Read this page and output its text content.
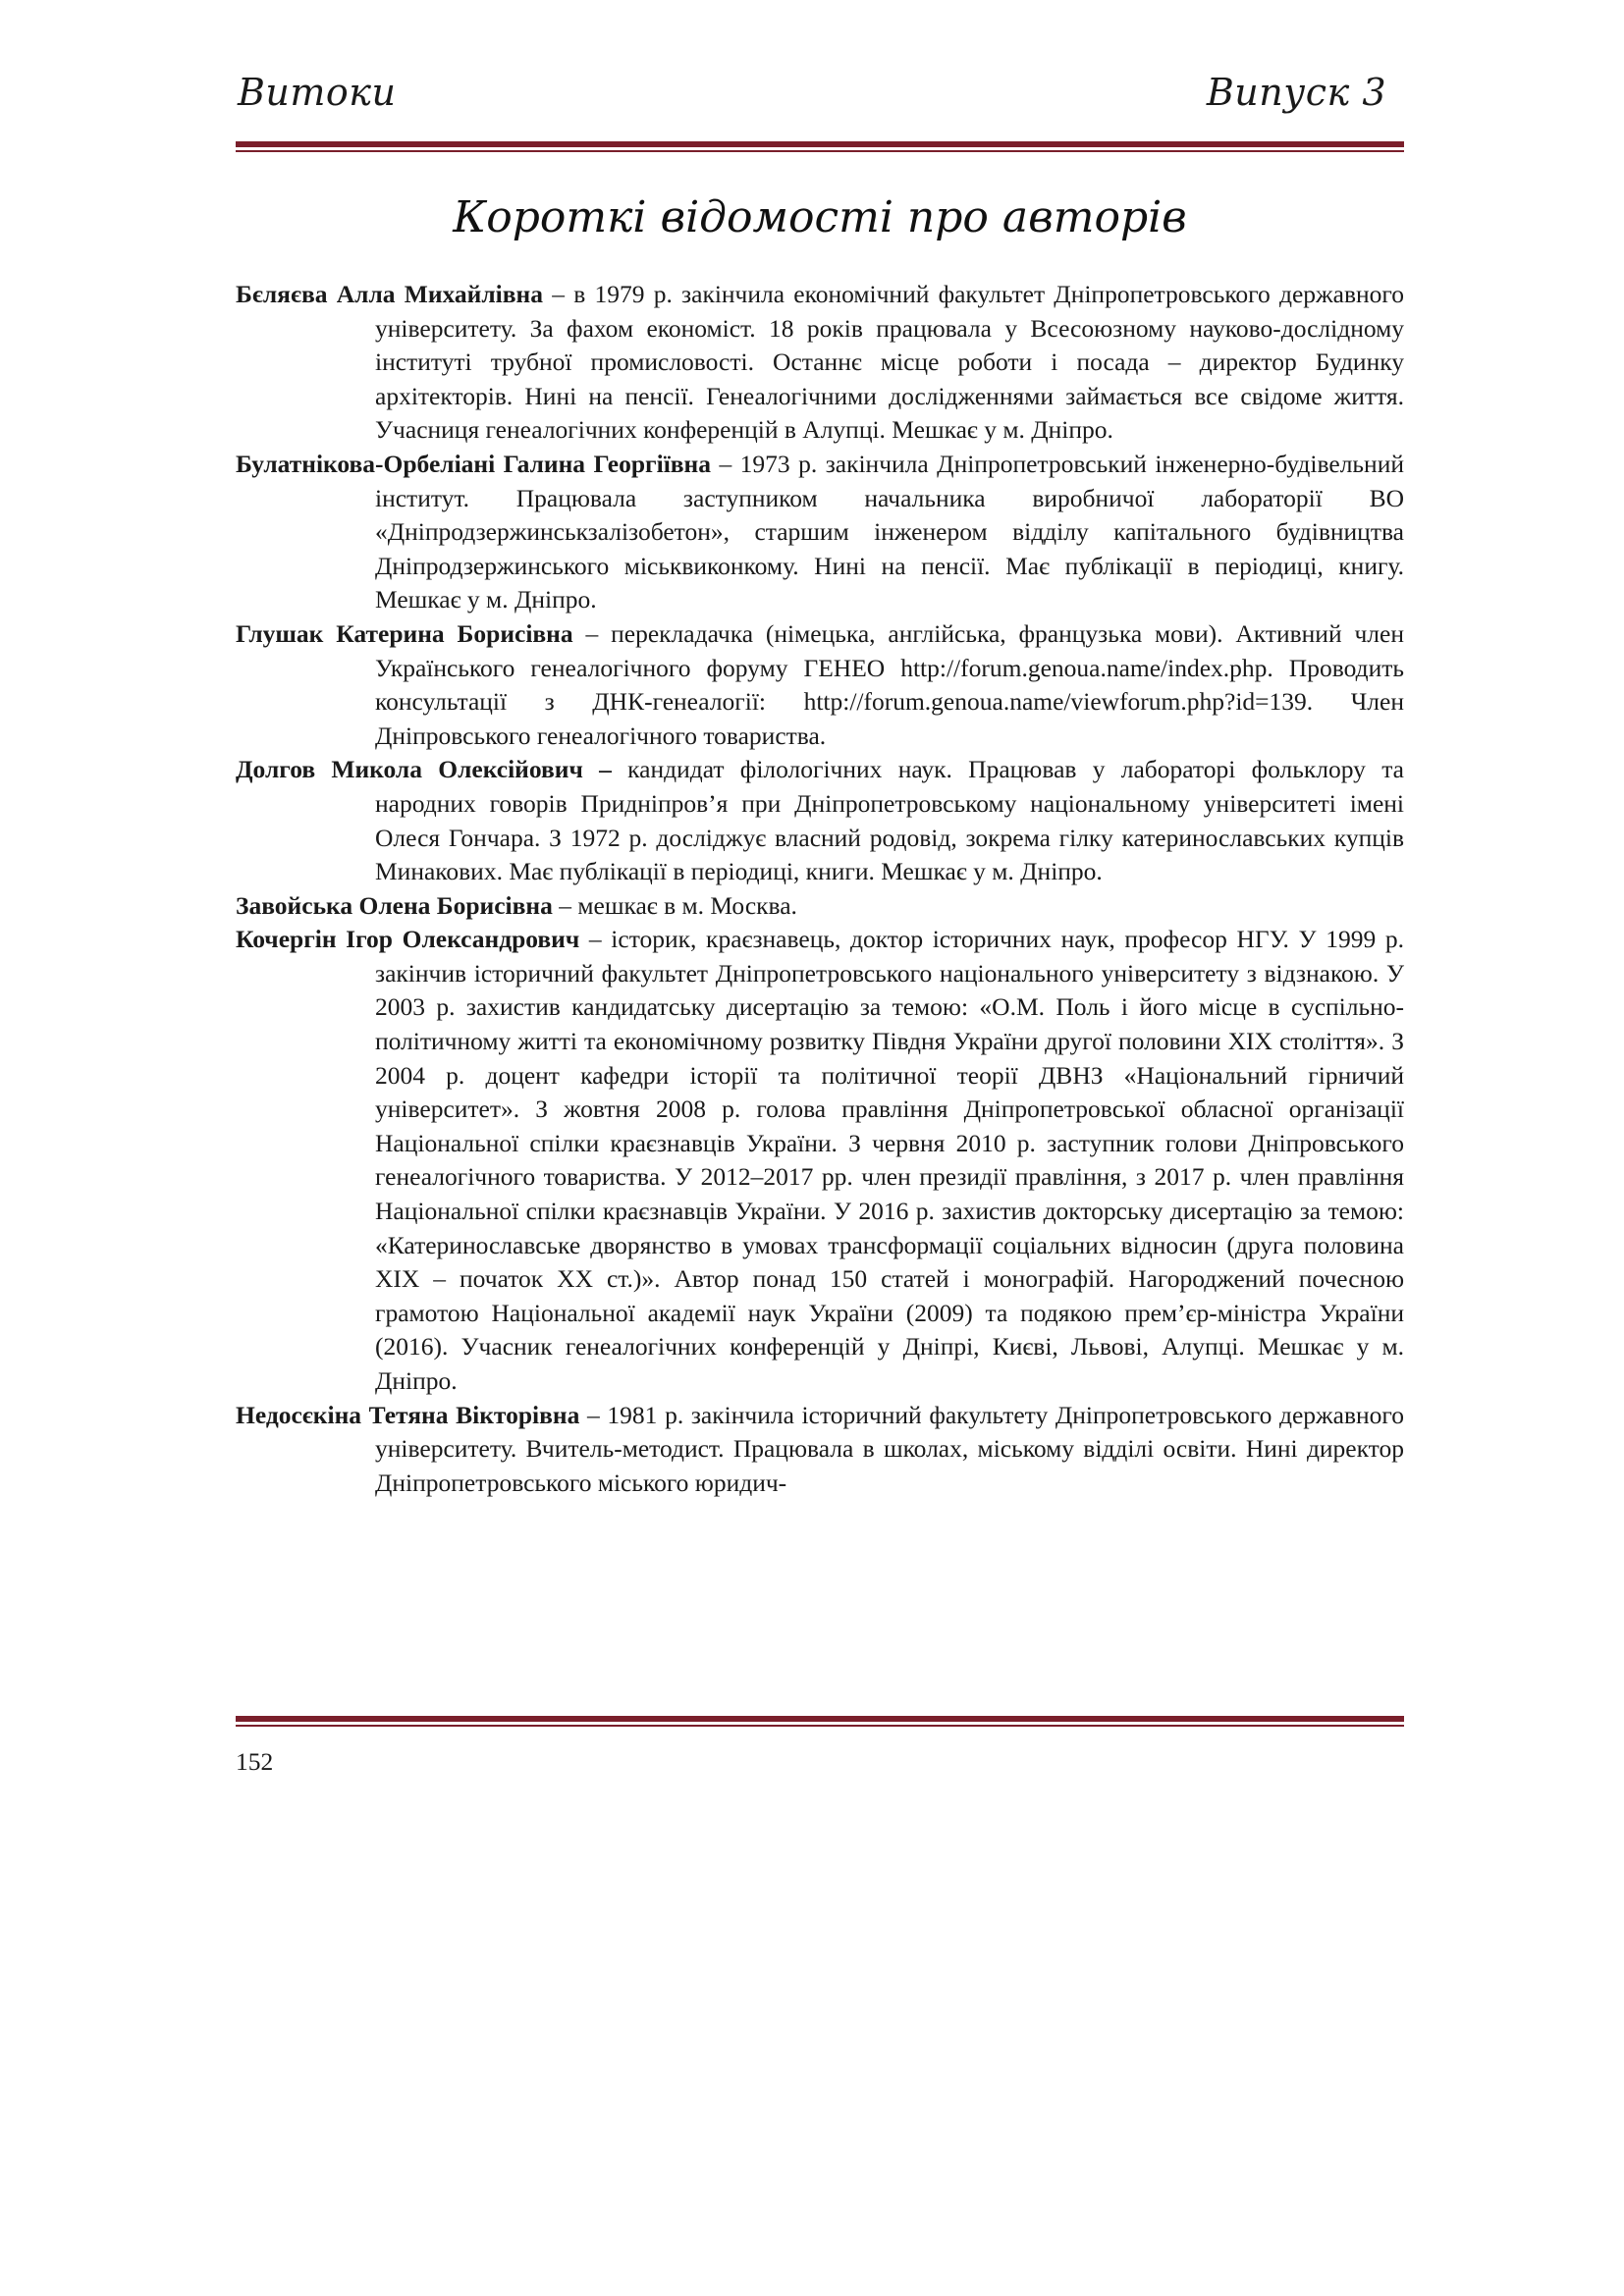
Витоки	Випуск 3
Короткі відомості про авторів

Бєляєва Алла Михайлівна – в 1979 р. закінчила економічний факультет Дніпропетровського державного університету. За фахом економіст. 18 років працювала у Всесоюзному науково-дослідному інституті трубної промисловості. Останнє місце роботи і посада – директор Будинку архітекторів. Нині на пенсії. Генеалогічними дослідженнями займається все свідоме життя. Учасниця генеалогічних конференцій в Алупці. Мешкає у м. Дніпро.

Булатнікова-Орбеліані Галина Георгіївна – 1973 р. закінчила Дніпропетровський інженерно-будівельний інститут. Працювала заступником начальника виробничої лабораторії ВО «Дніпродзержинськзалізобетон», старшим інженером відділу капітального будівництва Дніпродзержинського міськвиконкому. Нині на пенсії. Має публікації в періодиці, книгу. Мешкає у м. Дніпро.

Глушак Катерина Борисівна – перекладачка (німецька, англійська, французька мови). Активний член Українського генеалогічного форуму ГЕНЕО http://forum.genoua.name/index.php. Проводить консультації з ДНК-генеалогії: http://forum.genoua.name/viewforum.php?id=139. Член Дніпровського генеалогічного товариства.

Долгов Микола Олексійович – кандидат філологічних наук. Працював у лабораторі фольклору та народних говорів Придніпров’я при Дніпропетровському національному університеті імені Олеся Гончара. З 1972 р. досліджує власний родовід, зокрема гілку катеринославських купців Минакових. Має публікації в періодиці, книги. Мешкає у м. Дніпро.

Завойська Олена Борисівна – мешкає в м. Москва.

Кочергін Ігор Олександрович – історик, краєзнавець, доктор історичних наук, професор НГУ. У 1999 р. закінчив історичний факультет Дніпропетровського національного університету з відзнакою. У 2003 р. захистив кандидатську дисертацію за темою: «О.М. Поль і його місце в суспільно-політичному житті та економічному розвитку Півдня України другої половини ХІХ століття». З 2004 р. доцент кафедри історії та політичної теорії ДВНЗ «Національний гірничий університет». З жовтня 2008 р. голова правління Дніпропетровської обласної організації Національної спілки краєзнавців України. З червня 2010 р. заступник голови Дніпровського генеалогічного товариства. У 2012–2017 рр. член президії правління, з 2017 р. член правління Національної спілки краєзнавців України. У 2016 р. захистив докторську дисертацію за темою: «Катеринославське дворянство в умовах трансформації соціальних відносин (друга половина ХІХ – початок ХХ ст.)». Автор понад 150 статей і монографій. Нагороджений почесною грамотою Національної академії наук України (2009) та подякою прем’єр-міністра України (2016). Учасник генеалогічних конференцій у Дніпрі, Києві, Львові, Алупці. Мешкає у м. Дніпро.

Недосєкіна Тетяна Вікторівна – 1981 р. закінчила історичний факультету Дніпропетровського державного університету. Вчитель-методист. Працювала в школах, міському відділі освіти. Нині директор Дніпропетровського міського юридич-

152
